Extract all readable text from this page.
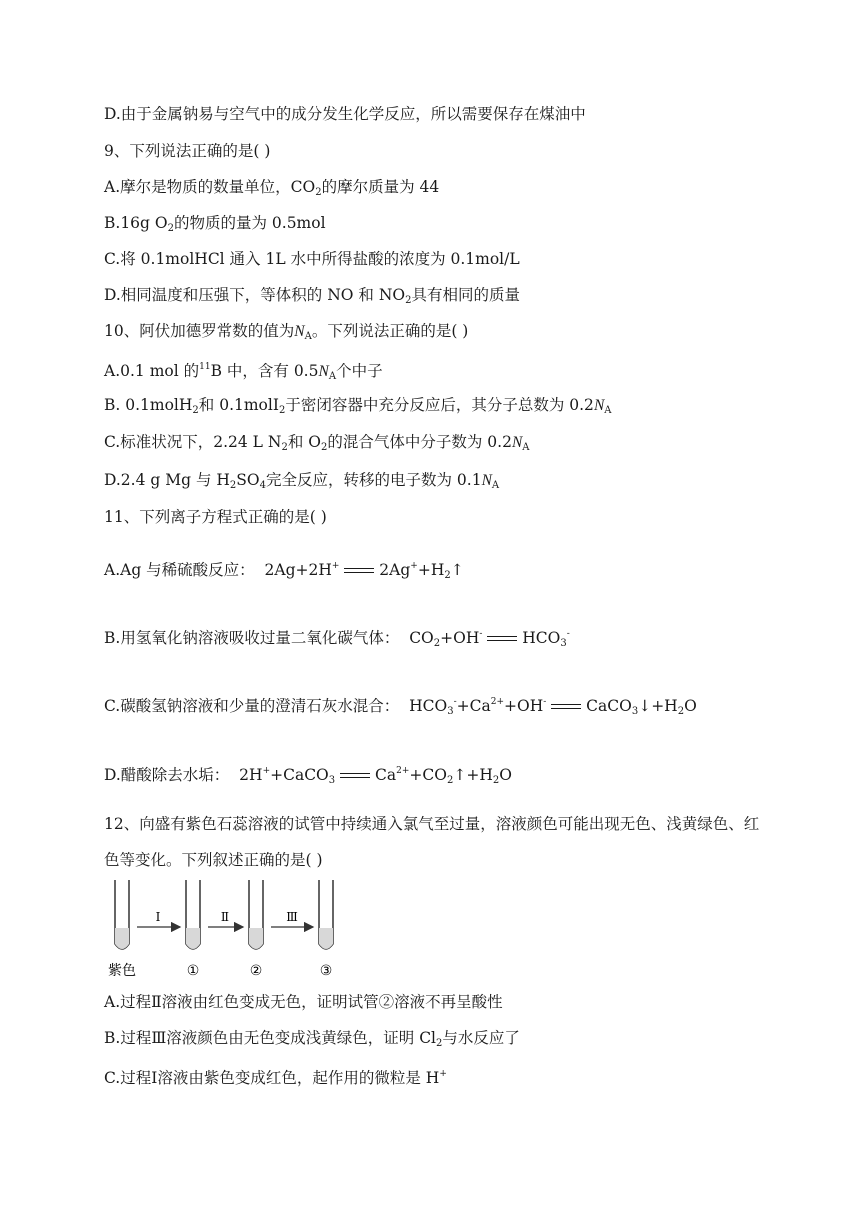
D.由于金属钠易与空气中的成分发生化学反应，所以需要保存在煤油中
9、下列说法正确的是( )
A.摩尔是物质的数量单位，$CO_2$的摩尔质量为 44
B.16g $O_2$的物质的量为 0.5mol
C.将 0.1molHCl 通入 1L 水中所得盐酸的浓度为 0.1mol/L
D.相同温度和压强下，等体积的 NO 和 $NO_2$具有相同的质量
10、阿伏加德罗常数的值为$N_A$。下列说法正确的是( )
A.0.1 mol 的$^{11}$B 中，含有 $0.5N_A$个中子
B. 0.1molH$_2$和 0.1molI$_2$于密闭容器中充分反应后，其分子总数为 $0.2N_A$
C.标准状况下，2.24 L $N_2$和 $O_2$的混合气体中分子数为 $0.2N_A$
D.2.4 g Mg 与 $H_2SO_4$完全反应，转移的电子数为 $0.1N_A$
11、下列离子方程式正确的是( )
A.Ag 与稀硫酸反应： 2Ag+2H+	$2Ag^++H_2↑$
B.用氢氧化钠溶液吸收过量二氧化碳气体： $CO_2+OH^-$	$HCO_3^-$
C.碳酸氢钠溶液和少量的澄清石灰水混合： $HCO_3^-+Ca^{2+}+OH^-$	$CaCO_3↓+H_2O$
D.醋酸除去水垢： 2H++CaCO$_3$	$Ca^{2+}+CO_2↑+H_2O$
12、向盛有紫色石蕊溶液的试管中持续通入氯气至过量，溶液颜色可能出现无色、浅黄绿色、红色等变化。下列叙述正确的是( )
Ⅰ	Ⅱ	Ⅲ
紫色	①	②	③
A.过程Ⅱ溶液由红色变成无色，证明试管②溶液不再呈酸性
B.过程Ⅲ溶液颜色由无色变成浅黄绿色，证明 $Cl_2$与水反应了
C.过程Ⅰ溶液由紫色变成红色，起作用的微粒是 H+
